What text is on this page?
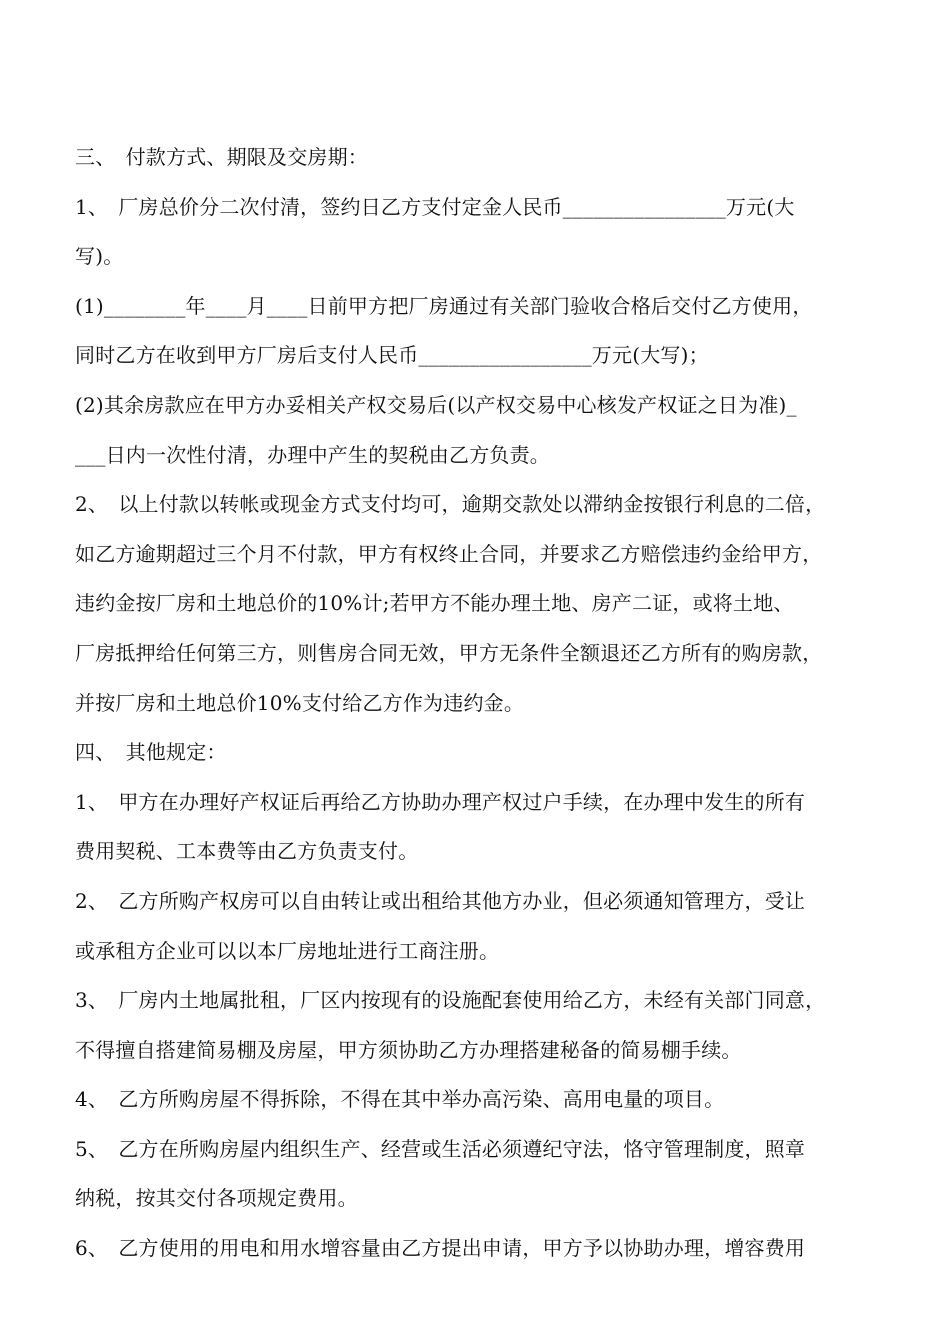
三、　付款方式、期限及交房期：
1、　厂房总价分二次付清，签约日乙方支付定金人民币________________万元(大
写)。
(1)________年____月____日前甲方把厂房通过有关部门验收合格后交付乙方使用，
同时乙方在收到甲方厂房后支付人民币_________________万元(大写)；
(2)其余房款应在甲方办妥相关产权交易后(以产权交易中心核发产权证之日为准)_
___日内一次性付清，办理中产生的契税由乙方负责。
2、　以上付款以转帐或现金方式支付均可，逾期交款处以滞纳金按银行利息的二倍，
如乙方逾期超过三个月不付款，甲方有权终止合同，并要求乙方赔偿违约金给甲方，
违约金按厂房和土地总价的10%计;若甲方不能办理土地、房产二证，或将土地、
厂房抵押给任何第三方，则售房合同无效，甲方无条件全额退还乙方所有的购房款，
并按厂房和土地总价10%支付给乙方作为违约金。
四、　其他规定：
1、　甲方在办理好产权证后再给乙方协助办理产权过户手续，在办理中发生的所有
费用契税、工本费等由乙方负责支付。
2、　乙方所购产权房可以自由转让或出租给其他方办业，但必须通知管理方，受让
或承租方企业可以以本厂房地址进行工商注册。
3、　厂房内土地属批租，厂区内按现有的设施配套使用给乙方，未经有关部门同意，
不得擅自搭建简易棚及房屋，甲方须协助乙方办理搭建秘备的简易棚手续。
4、　乙方所购房屋不得拆除，不得在其中举办高污染、高用电量的项目。
5、　乙方在所购房屋内组织生产、经营或生活必须遵纪守法，恪守管理制度，照章
纳税，按其交付各项规定费用。
6、　乙方使用的用电和用水增容量由乙方提出申请，甲方予以协助办理，增容费用
